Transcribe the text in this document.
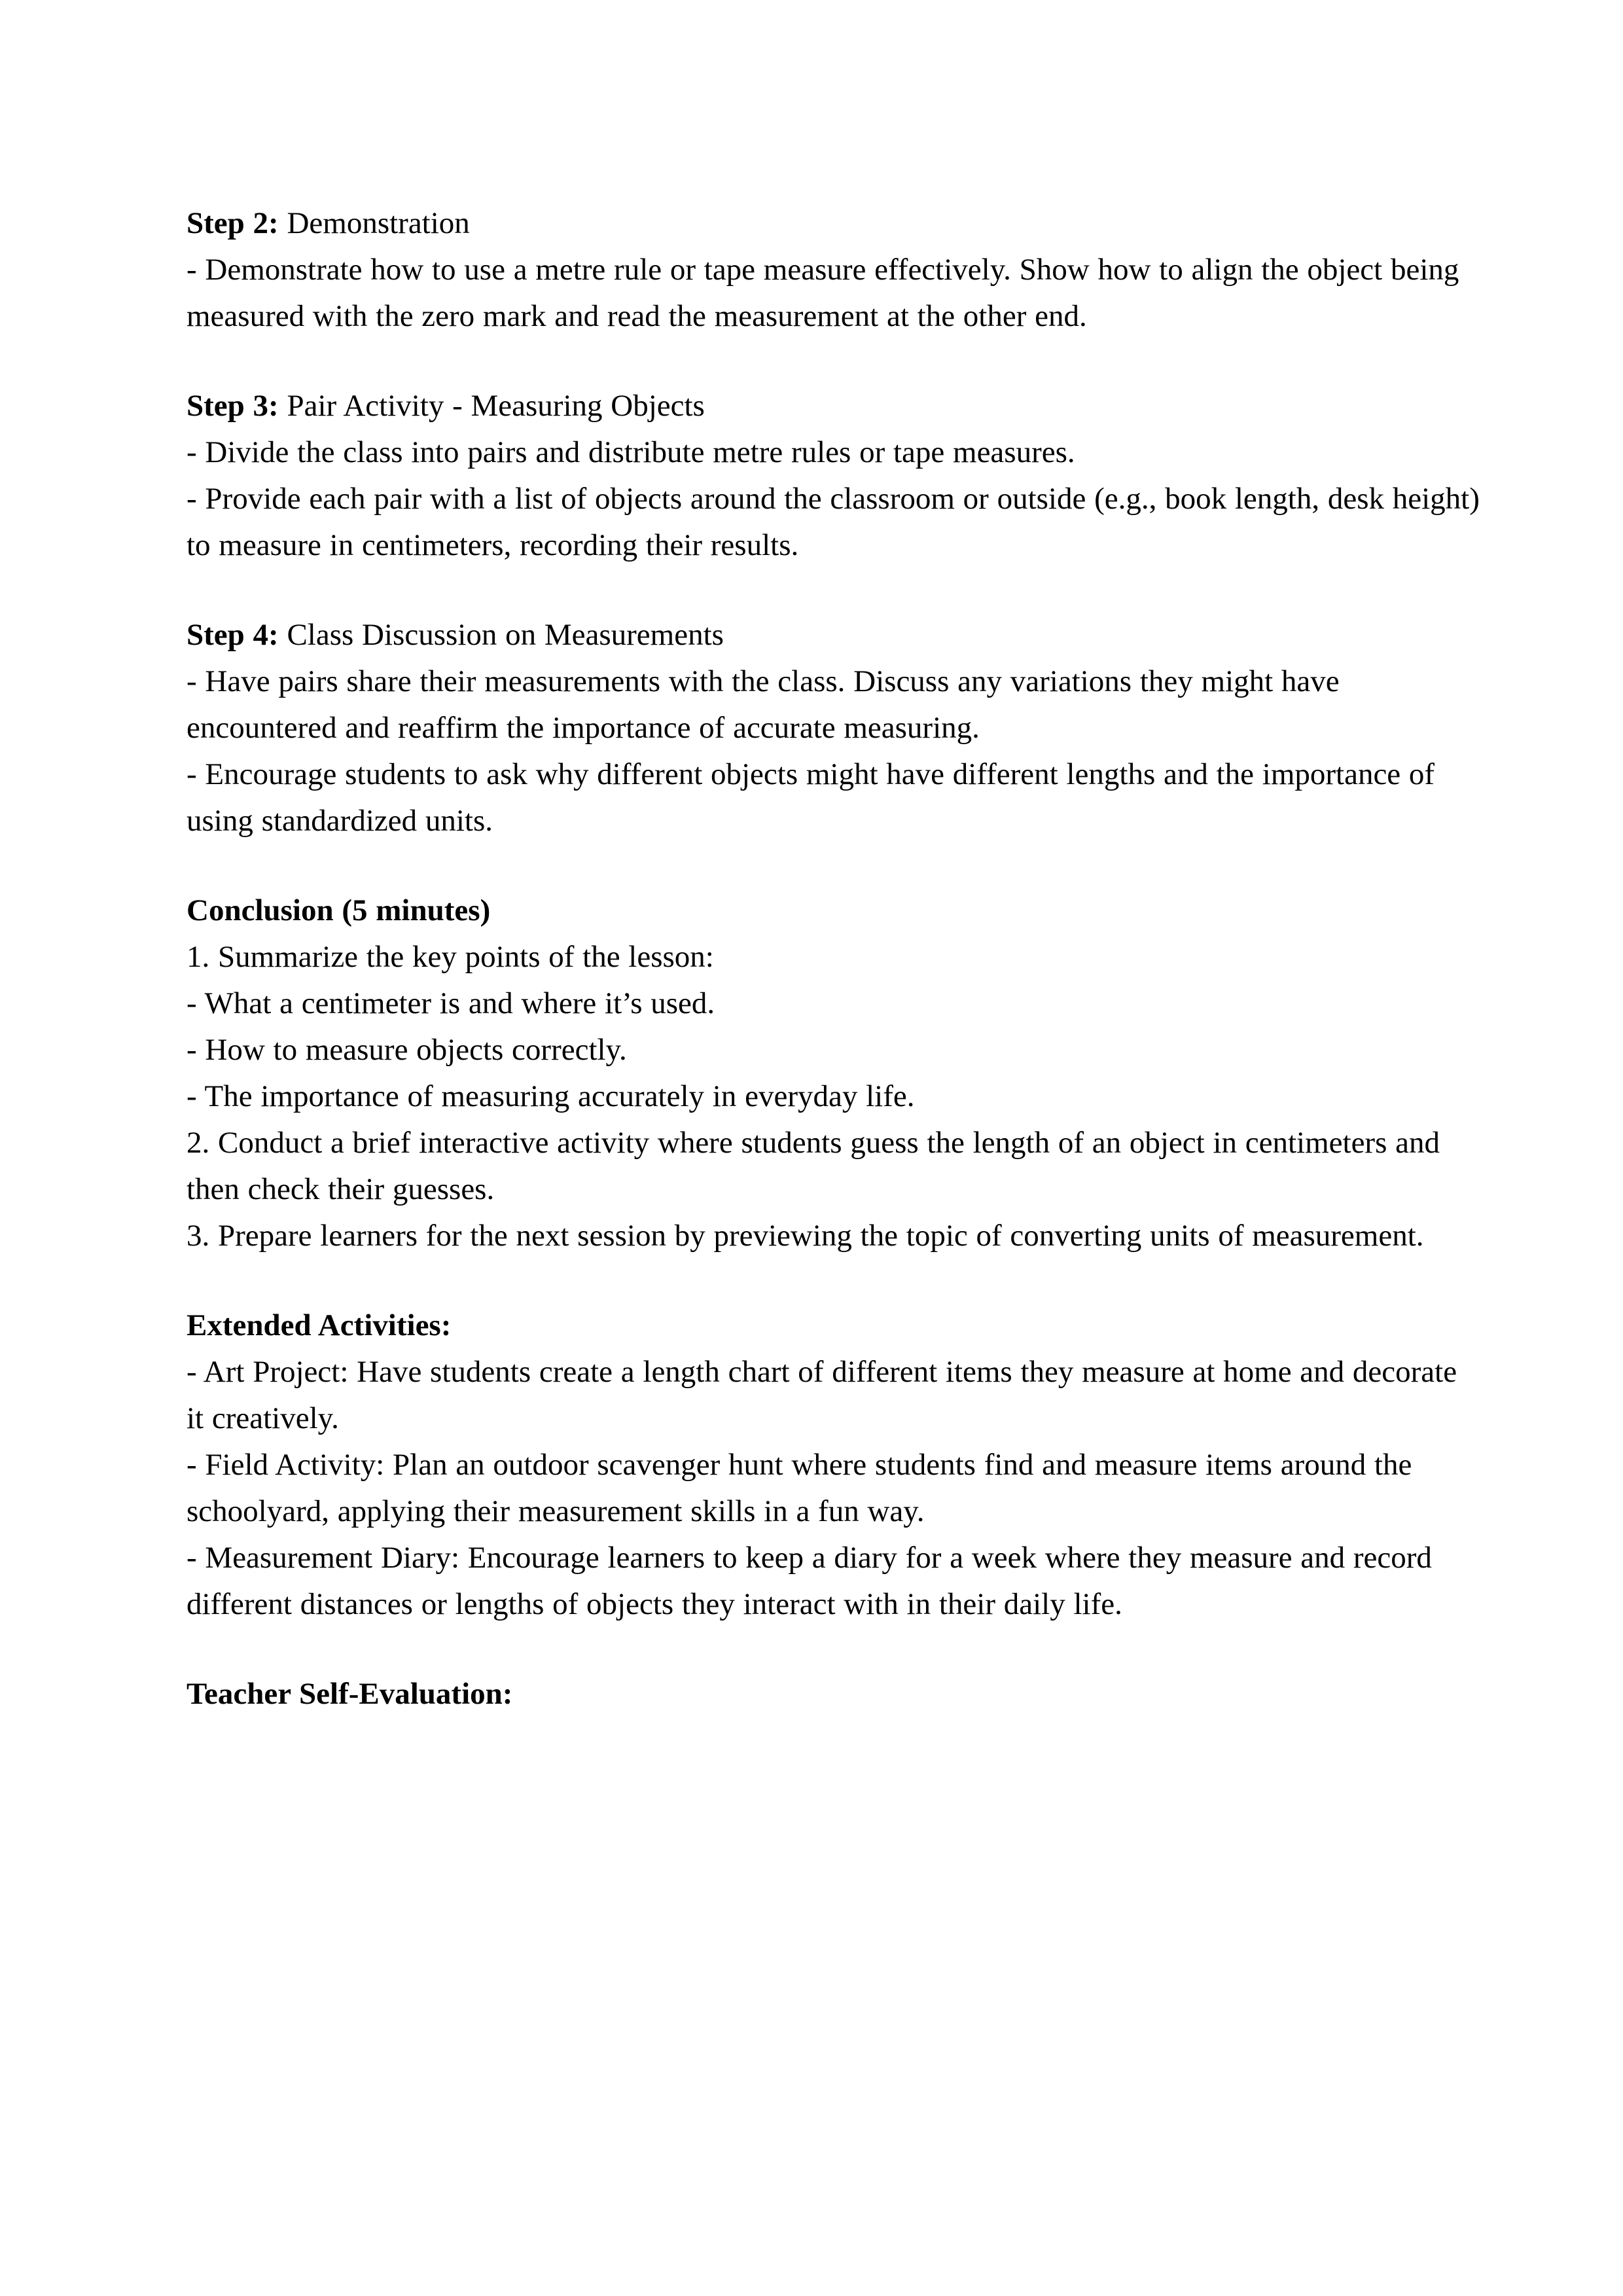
Step 2: Demonstration

- Demonstrate how to use a metre rule or tape measure effectively. Show how to align the object being measured with the zero mark and read the measurement at the other end.

Step 3: Pair Activity - Measuring Objects

- Divide the class into pairs and distribute metre rules or tape measures.

- Provide each pair with a list of objects around the classroom or outside (e.g., book length, desk height) to measure in centimeters, recording their results.

Step 4: Class Discussion on Measurements

- Have pairs share their measurements with the class. Discuss any variations they might have encountered and reaffirm the importance of accurate measuring.

- Encourage students to ask why different objects might have different lengths and the importance of using standardized units.

Conclusion (5 minutes)

1. Summarize the key points of the lesson:

- What a centimeter is and where it’s used.

- How to measure objects correctly.

- The importance of measuring accurately in everyday life.

2. Conduct a brief interactive activity where students guess the length of an object in centimeters and then check their guesses.

3. Prepare learners for the next session by previewing the topic of converting units of measurement.

Extended Activities:

- Art Project: Have students create a length chart of different items they measure at home and decorate it creatively.

- Field Activity: Plan an outdoor scavenger hunt where students find and measure items around the schoolyard, applying their measurement skills in a fun way.

- Measurement Diary: Encourage learners to keep a diary for a week where they measure and record different distances or lengths of objects they interact with in their daily life.

Teacher Self-Evaluation:
